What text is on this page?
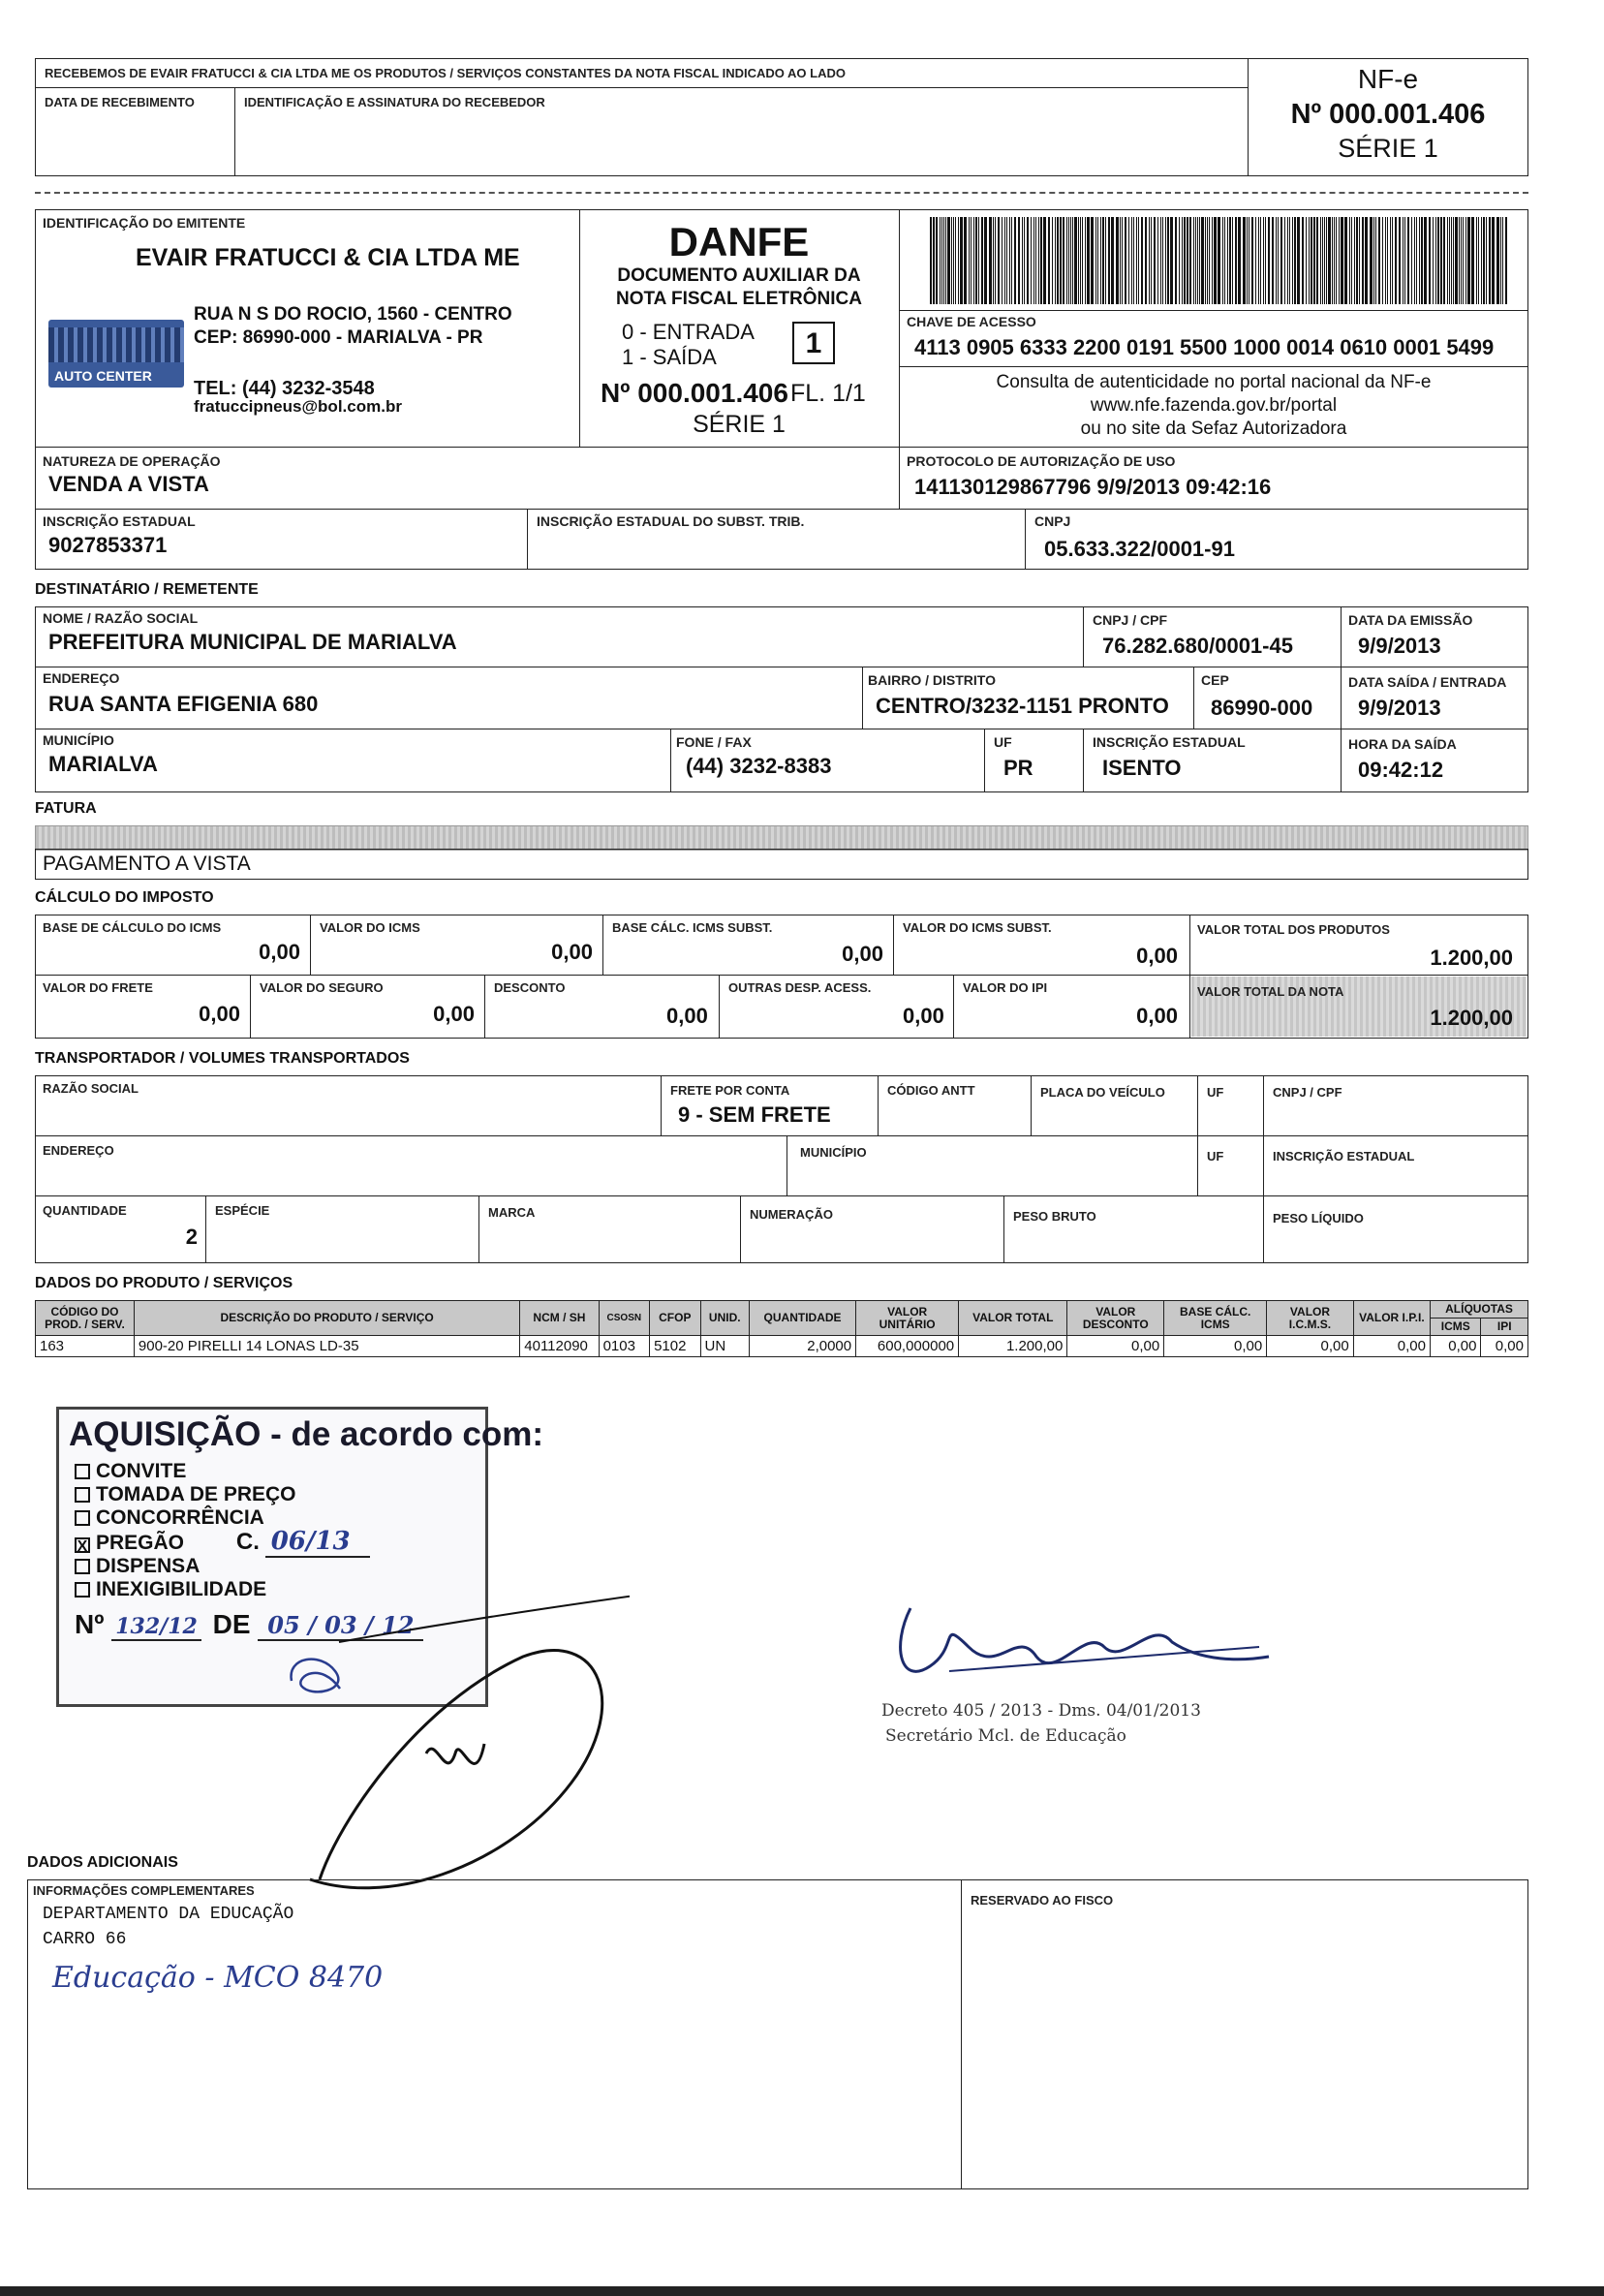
RECEBEMOS DE EVAIR FRATUCCI & CIA LTDA ME OS PRODUTOS / SERVIÇOS CONSTANTES DA NOTA FISCAL INDICADO AO LADO
DATA DE RECEBIMENTO	IDENTIFICAÇÃO E ASSINATURA DO RECEBEDOR
NF-e
Nº 000.001.406
SÉRIE 1
IDENTIFICAÇÃO DO EMITENTE
EVAIR FRATUCCI & CIA LTDA ME
AUTO CENTER
RUA N S DO ROCIO, 1560 - CENTRO
CEP: 86990-000 - MARIALVA - PR
TEL: (44) 3232-3548
fratuccipneus@bol.com.br
DANFE
DOCUMENTO AUXILIAR DA
NOTA FISCAL ELETRÔNICA
0 - ENTRADA
1 - SAÍDA	1
Nº 000.001.406 FL. 1/1
SÉRIE 1
CHAVE DE ACESSO
4113 0905 6333 2200 0191 5500 1000 0014 0610 0001 5499
Consulta de autenticidade no portal nacional da NF-e
www.nfe.fazenda.gov.br/portal
ou no site da Sefaz Autorizadora
NATUREZA DE OPERAÇÃO
VENDA A VISTA
PROTOCOLO DE AUTORIZAÇÃO DE USO
141130129867796 9/9/2013 09:42:16
INSCRIÇÃO ESTADUAL
9027853371
INSCRIÇÃO ESTADUAL DO SUBST. TRIB.	CNPJ
05.633.322/0001-91
DESTINATÁRIO / REMETENTE
NOME / RAZÃO SOCIAL
PREFEITURA MUNICIPAL DE MARIALVA
CNPJ / CPF
76.282.680/0001-45
DATA DA EMISSÃO
9/9/2013
ENDEREÇO
RUA SANTA EFIGENIA 680
BAIRRO / DISTRITO
CENTRO/3232-1151 PRONTO
CEP
86990-000
DATA SAÍDA / ENTRADA
9/9/2013
MUNICÍPIO
MARIALVA
FONE / FAX
(44) 3232-8383
UF
PR
INSCRIÇÃO ESTADUAL
ISENTO
HORA DA SAÍDA
09:42:12
FATURA
PAGAMENTO A VISTA
CÁLCULO DO IMPOSTO
BASE DE CÁLCULO DO ICMS
0,00
VALOR DO ICMS
0,00
BASE CÁLC. ICMS SUBST.
0,00
VALOR DO ICMS SUBST.
0,00
VALOR TOTAL DOS PRODUTOS
1.200,00
VALOR DO FRETE
0,00
VALOR DO SEGURO
0,00
DESCONTO
0,00
OUTRAS DESP. ACESS.
0,00
VALOR DO IPI
0,00
VALOR TOTAL DA NOTA
1.200,00
TRANSPORTADOR / VOLUMES TRANSPORTADOS
RAZÃO SOCIAL	FRETE POR CONTA
9 - SEM FRETE
CÓDIGO ANTT	PLACA DO VEÍCULO	UF	CNPJ / CPF
ENDEREÇO	MUNICÍPIO	UF	INSCRIÇÃO ESTADUAL
QUANTIDADE
2
ESPÉCIE	MARCA	NUMERAÇÃO	PESO BRUTO	PESO LÍQUIDO
DADOS DO PRODUTO / SERVIÇOS
CÓDIGO DO PROD. / SERV.	DESCRIÇÃO DO PRODUTO / SERVIÇO	NCM / SH	CSOSN	CFOP	UNID.	QUANTIDADE	VALOR UNITÁRIO	VALOR TOTAL	VALOR DESCONTO	BASE CÁLC. ICMS	VALOR I.C.M.S.	VALOR I.P.I.	ALÍQUOTAS	
													ICMS	IPI
163	900-20 PIRELLI 14 LONAS LD-35	40112090	0103	5102	UN	2,0000	600,000000	1.200,00	0,00	0,00	0,00	0,00	0,00	0,00
AQUISIÇÃO - de acordo com:
CONVITE
TOMADA DE PREÇO
CONCORRÊNCIA
X PREGÃO C. 06/13
DISPENSA
INEXIGIBILIDADE
Nº 132/12 DE 05 / 03 / 12
Decreto 405 / 2013 - Dms. 04/01/2013
Secretário Mcl. de Educação
DADOS ADICIONAIS
INFORMAÇÕES COMPLEMENTARES
DEPARTAMENTO DA EDUCAÇÃO
CARRO 66
Educação - MCO 8470
RESERVADO AO FISCO
